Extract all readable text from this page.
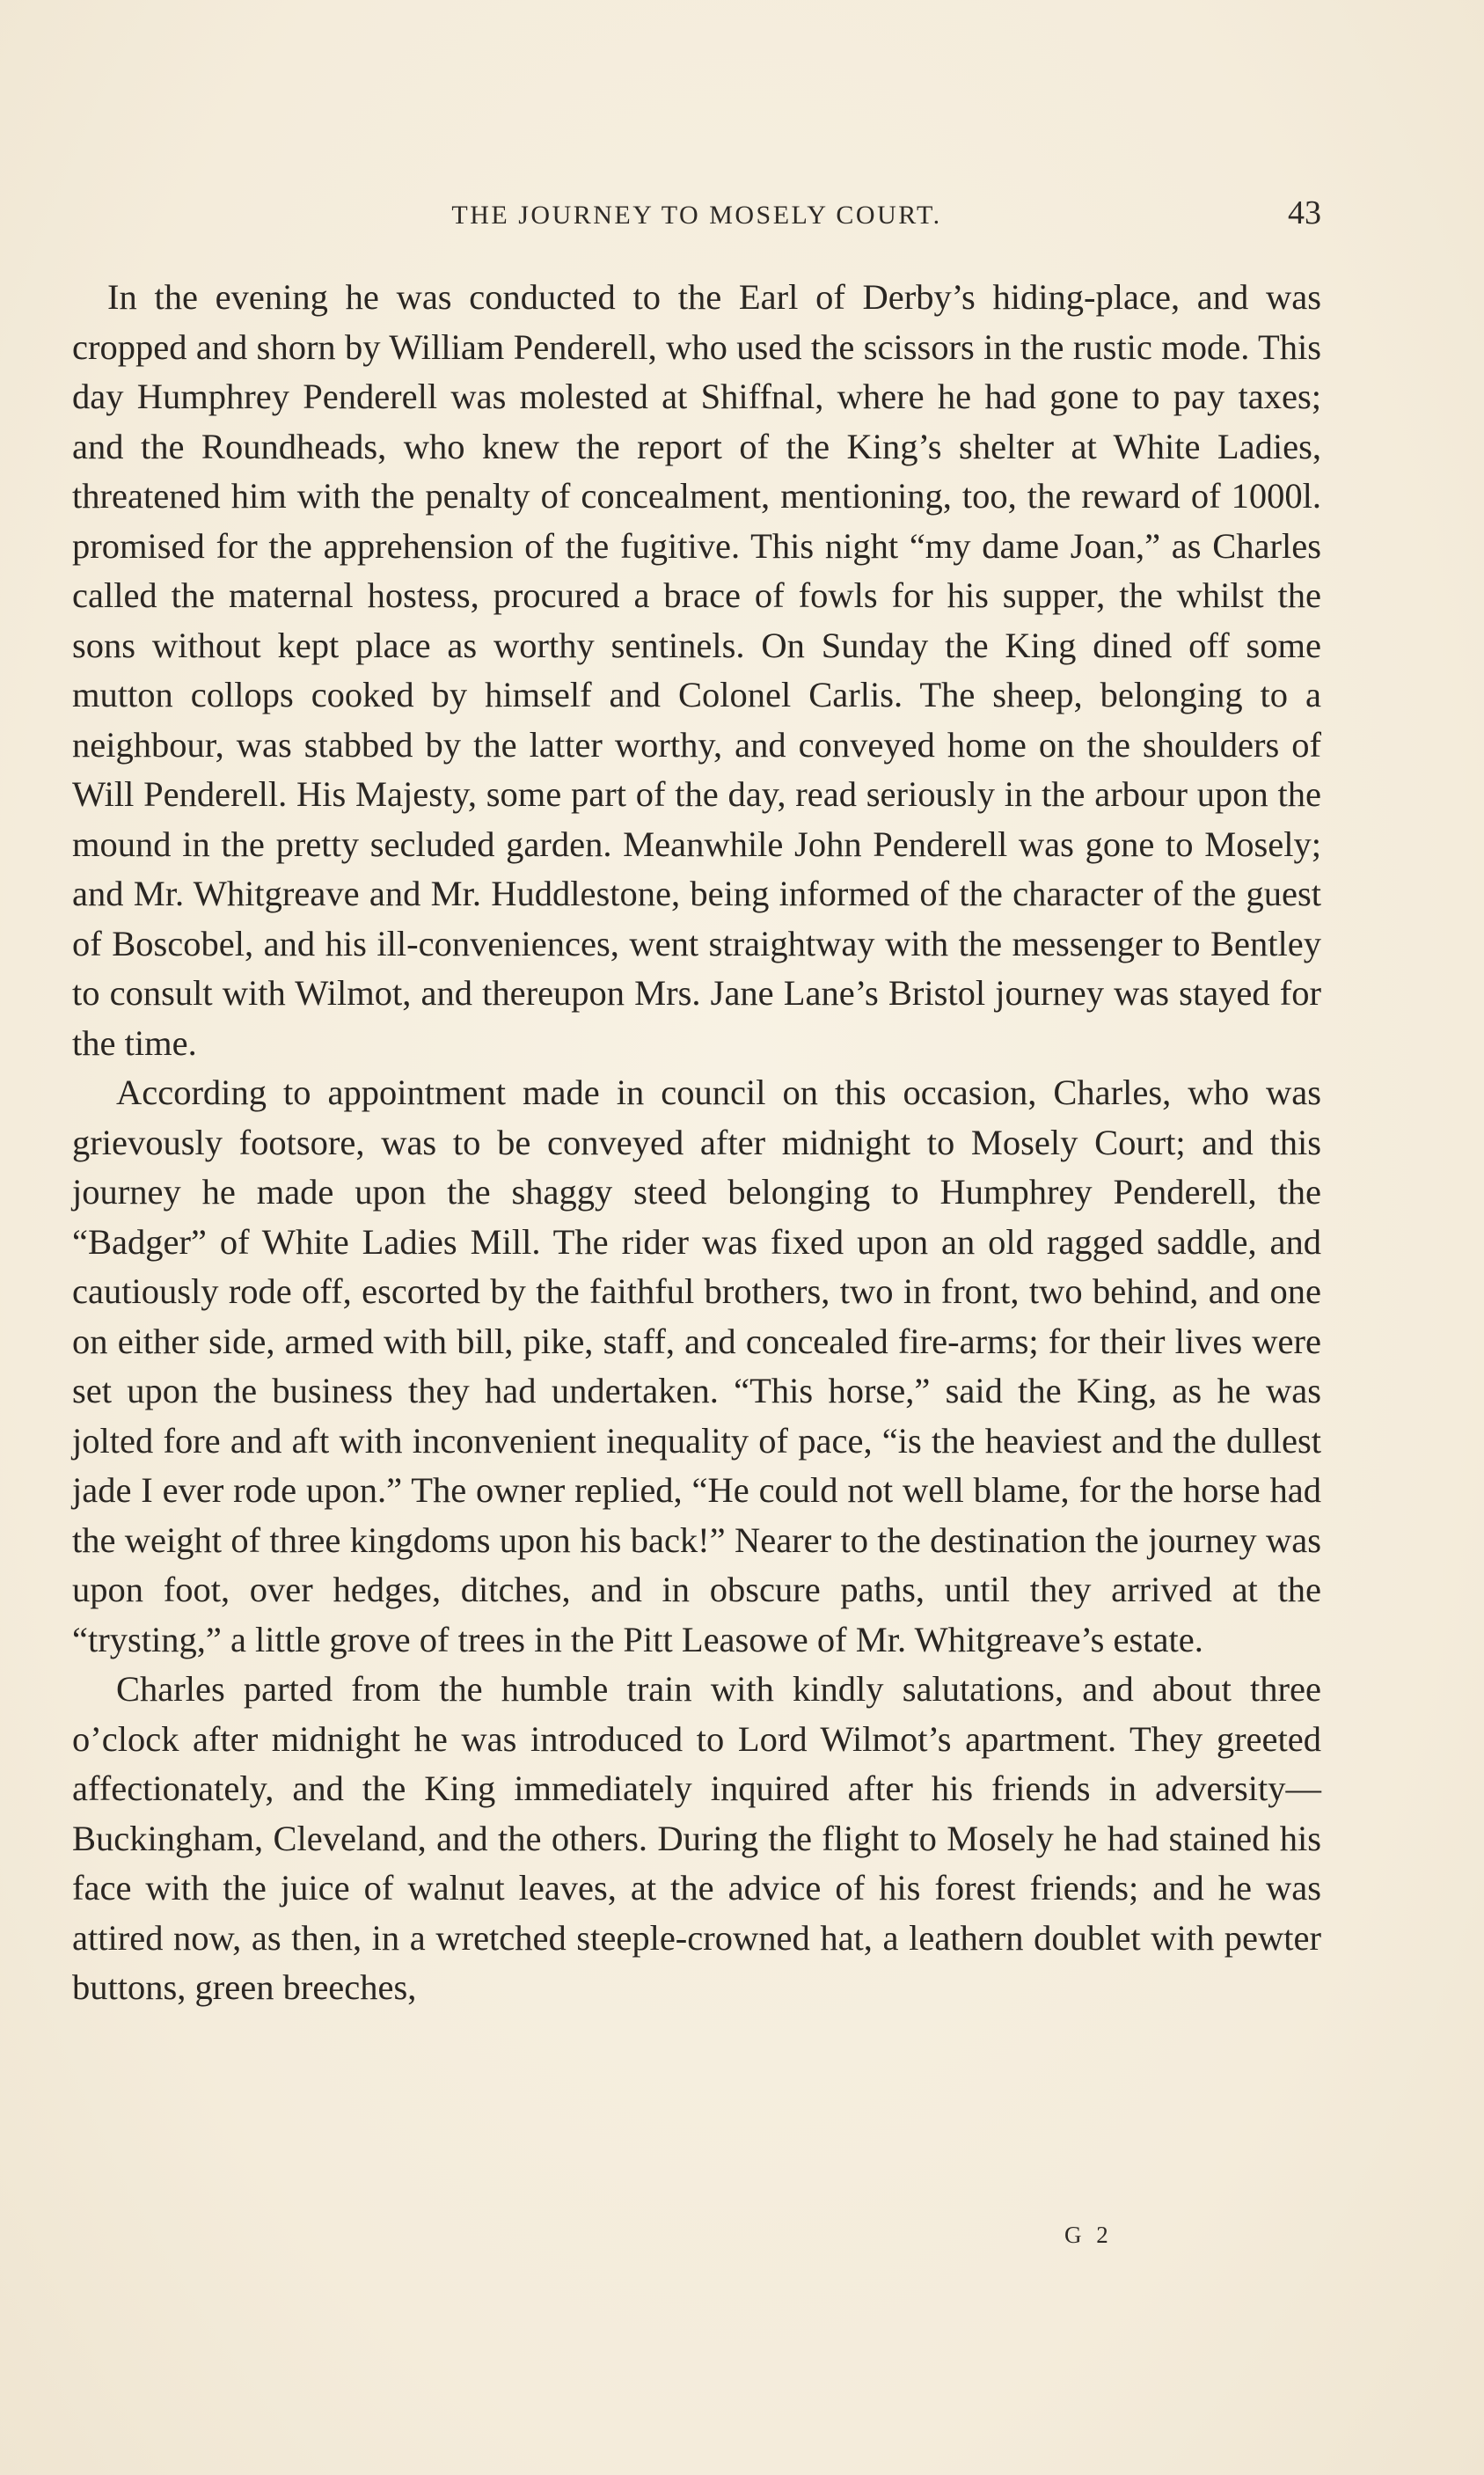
THE JOURNEY TO MOSELY COURT.	43

In the evening he was conducted to the Earl of Derby’s hiding-place, and was cropped and shorn by William Penderell, who used the scissors in the rustic mode. This day Humphrey Penderell was molested at Shiffnal, where he had gone to pay taxes; and the Roundheads, who knew the report of the King’s shelter at White Ladies, threatened him with the penalty of concealment, mentioning, too, the reward of 1000l. promised for the apprehension of the fugitive. This night “my dame Joan,” as Charles called the maternal hostess, procured a brace of fowls for his supper, the whilst the sons without kept place as worthy sentinels. On Sunday the King dined off some mutton collops cooked by himself and Colonel Carlis. The sheep, belonging to a neighbour, was stabbed by the latter worthy, and conveyed home on the shoulders of Will Penderell. His Majesty, some part of the day, read seriously in the arbour upon the mound in the pretty secluded garden. Meanwhile John Penderell was gone to Mosely; and Mr. Whitgreave and Mr. Huddlestone, being informed of the character of the guest of Boscobel, and his ill-conveniences, went straightway with the messenger to Bentley to consult with Wilmot, and thereupon Mrs. Jane Lane’s Bristol journey was stayed for the time.

According to appointment made in council on this occasion, Charles, who was grievously footsore, was to be conveyed after midnight to Mosely Court; and this journey he made upon the shaggy steed belonging to Humphrey Penderell, the “Badger” of White Ladies Mill. The rider was fixed upon an old ragged saddle, and cautiously rode off, escorted by the faithful brothers, two in front, two behind, and one on either side, armed with bill, pike, staff, and concealed fire-arms; for their lives were set upon the business they had undertaken. “This horse,” said the King, as he was jolted fore and aft with inconvenient inequality of pace, “is the heaviest and the dullest jade I ever rode upon.” The owner replied, “He could not well blame, for the horse had the weight of three kingdoms upon his back!” Nearer to the destination the journey was upon foot, over hedges, ditches, and in obscure paths, until they arrived at the “trysting,” a little grove of trees in the Pitt Leasowe of Mr. Whitgreave’s estate.

Charles parted from the humble train with kindly salutations, and about three o’clock after midnight he was introduced to Lord Wilmot’s apartment. They greeted affectionately, and the King immediately inquired after his friends in adversity—Buckingham, Cleveland, and the others. During the flight to Mosely he had stained his face with the juice of walnut leaves, at the advice of his forest friends; and he was attired now, as then, in a wretched steeple-crowned hat, a leathern doublet with pewter buttons, green breeches,

G 2
